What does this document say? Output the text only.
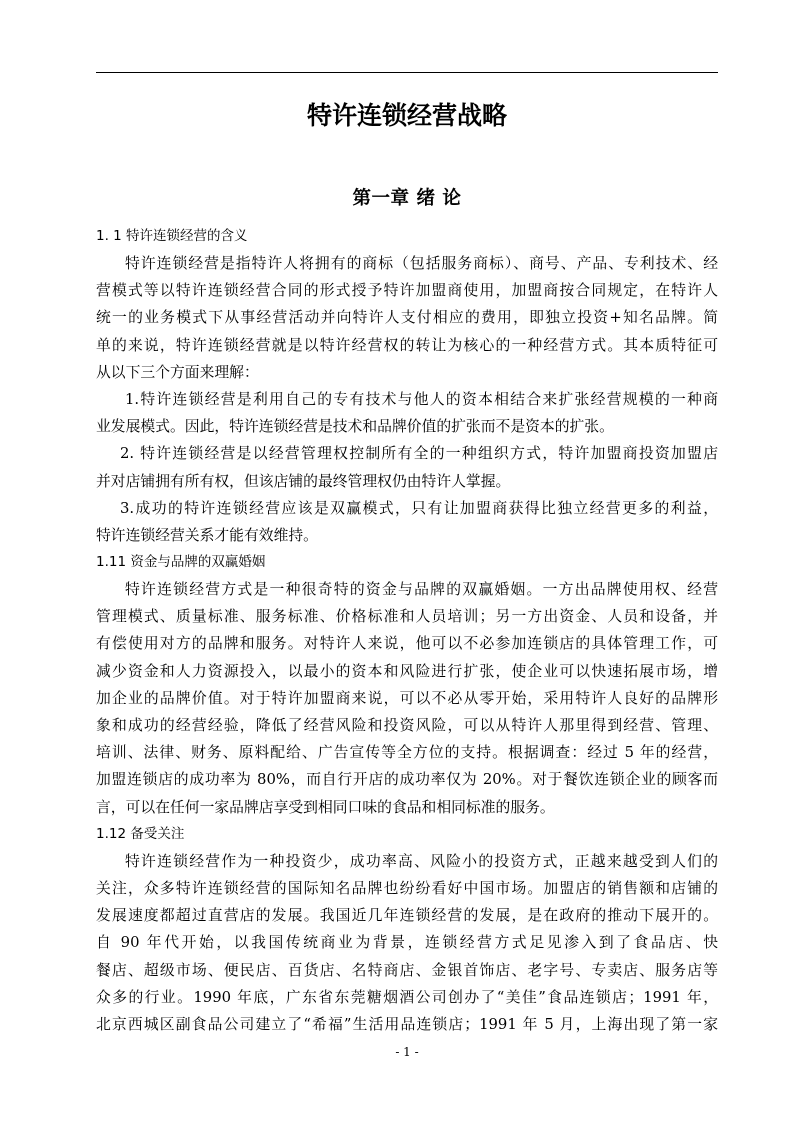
特许连锁经营战略
第一章 绪 论

1. 1 特许连锁经营的含义

特许连锁经营是指特许人将拥有的商标（包括服务商标）、商号、产品、专利技术、经

营模式等以特许连锁经营合同的形式授予特许加盟商使用，加盟商按合同规定，在特许人

统一的业务模式下从事经营活动并向特许人支付相应的费用，即独立投资+知名品牌。简

单的来说，特许连锁经营就是以特许经营权的转让为核心的一种经营方式。其本质特征可

从以下三个方面来理解：

1.特许连锁经营是利用自己的专有技术与他人的资本相结合来扩张经营规模的一种商

业发展模式。因此，特许连锁经营是技术和品牌价值的扩张而不是资本的扩张。

2. 特许连锁经营是以经营管理权控制所有全的一种组织方式，特许加盟商投资加盟店

并对店铺拥有所有权，但该店铺的最终管理权仍由特许人掌握。

3.成功的特许连锁经营应该是双赢模式，只有让加盟商获得比独立经营更多的利益，

特许连锁经营关系才能有效维持。

1.11 资金与品牌的双赢婚姻

特许连锁经营方式是一种很奇特的资金与品牌的双赢婚姻。一方出品牌使用权、经营

管理模式、质量标准、服务标准、价格标准和人员培训；另一方出资金、人员和设备，并

有偿使用对方的品牌和服务。对特许人来说，他可以不必参加连锁店的具体管理工作，可

减少资金和人力资源投入，以最小的资本和风险进行扩张，使企业可以快速拓展市场，增

加企业的品牌价值。对于特许加盟商来说，可以不必从零开始，采用特许人良好的品牌形

象和成功的经营经验，降低了经营风险和投资风险，可以从特许人那里得到经营、管理、

培训、法律、财务、原料配给、广告宣传等全方位的支持。根据调查：经过 5 年的经营，

加盟连锁店的成功率为 80%，而自行开店的成功率仅为 20%。对于餐饮连锁企业的顾客而

言，可以在任何一家品牌店享受到相同口味的食品和相同标准的服务。

1.12 备受关注

特许连锁经营作为一种投资少，成功率高、风险小的投资方式，正越来越受到人们的

关注，众多特许连锁经营的国际知名品牌也纷纷看好中国市场。加盟店的销售额和店铺的

发展速度都超过直营店的发展。我国近几年连锁经营的发展，是在政府的推动下展开的。

自 90 年代开始，以我国传统商业为背景，连锁经营方式足见渗入到了食品店、快

餐店、超级市场、便民店、百货店、名特商店、金银首饰店、老字号、专卖店、服务店等

众多的行业。1990 年底，广东省东莞糖烟酒公司创办了“美佳”食品连锁店；1991 年，

北京西城区副食品公司建立了“希福”生活用品连锁店；1991 年 5 月，上海出现了第一家

- 1 -
